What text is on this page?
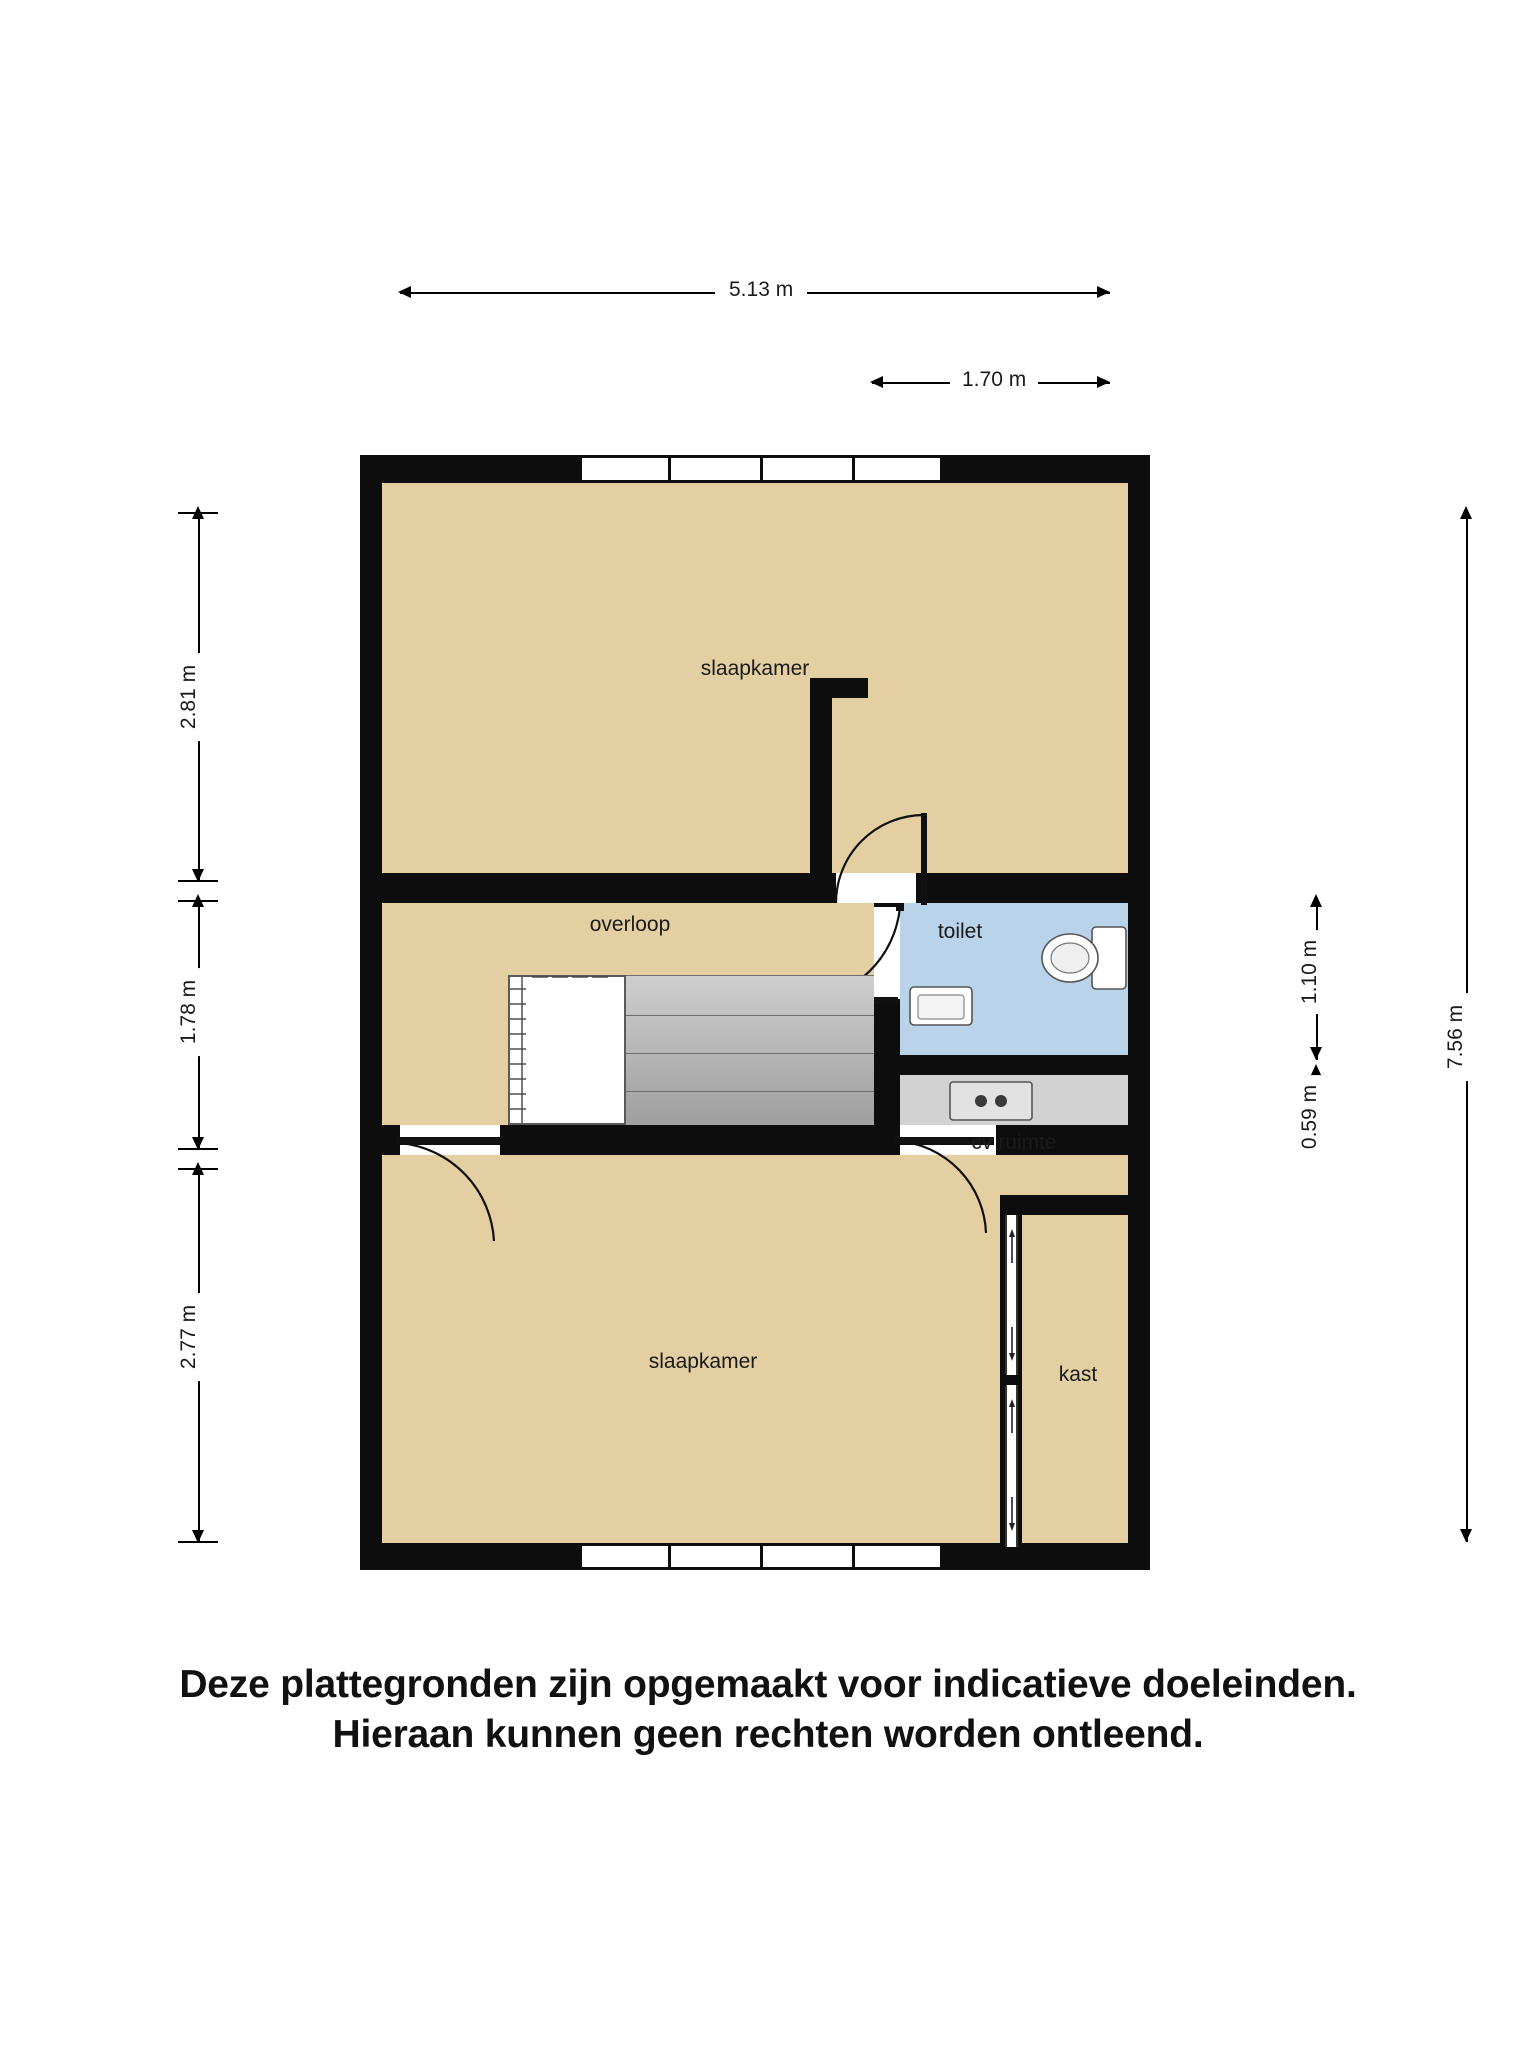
5.13 m
1.70 m
2.81 m
1.78 m
2.77 m
7.56 m
1.10 m
0.59 m
slaapkamer
overloop	toilet
cv ruimte
slaapkamer
kast
Deze plattegronden zijn opgemaakt voor indicatieve doeleinden.
Hieraan kunnen geen rechten worden ontleend.
